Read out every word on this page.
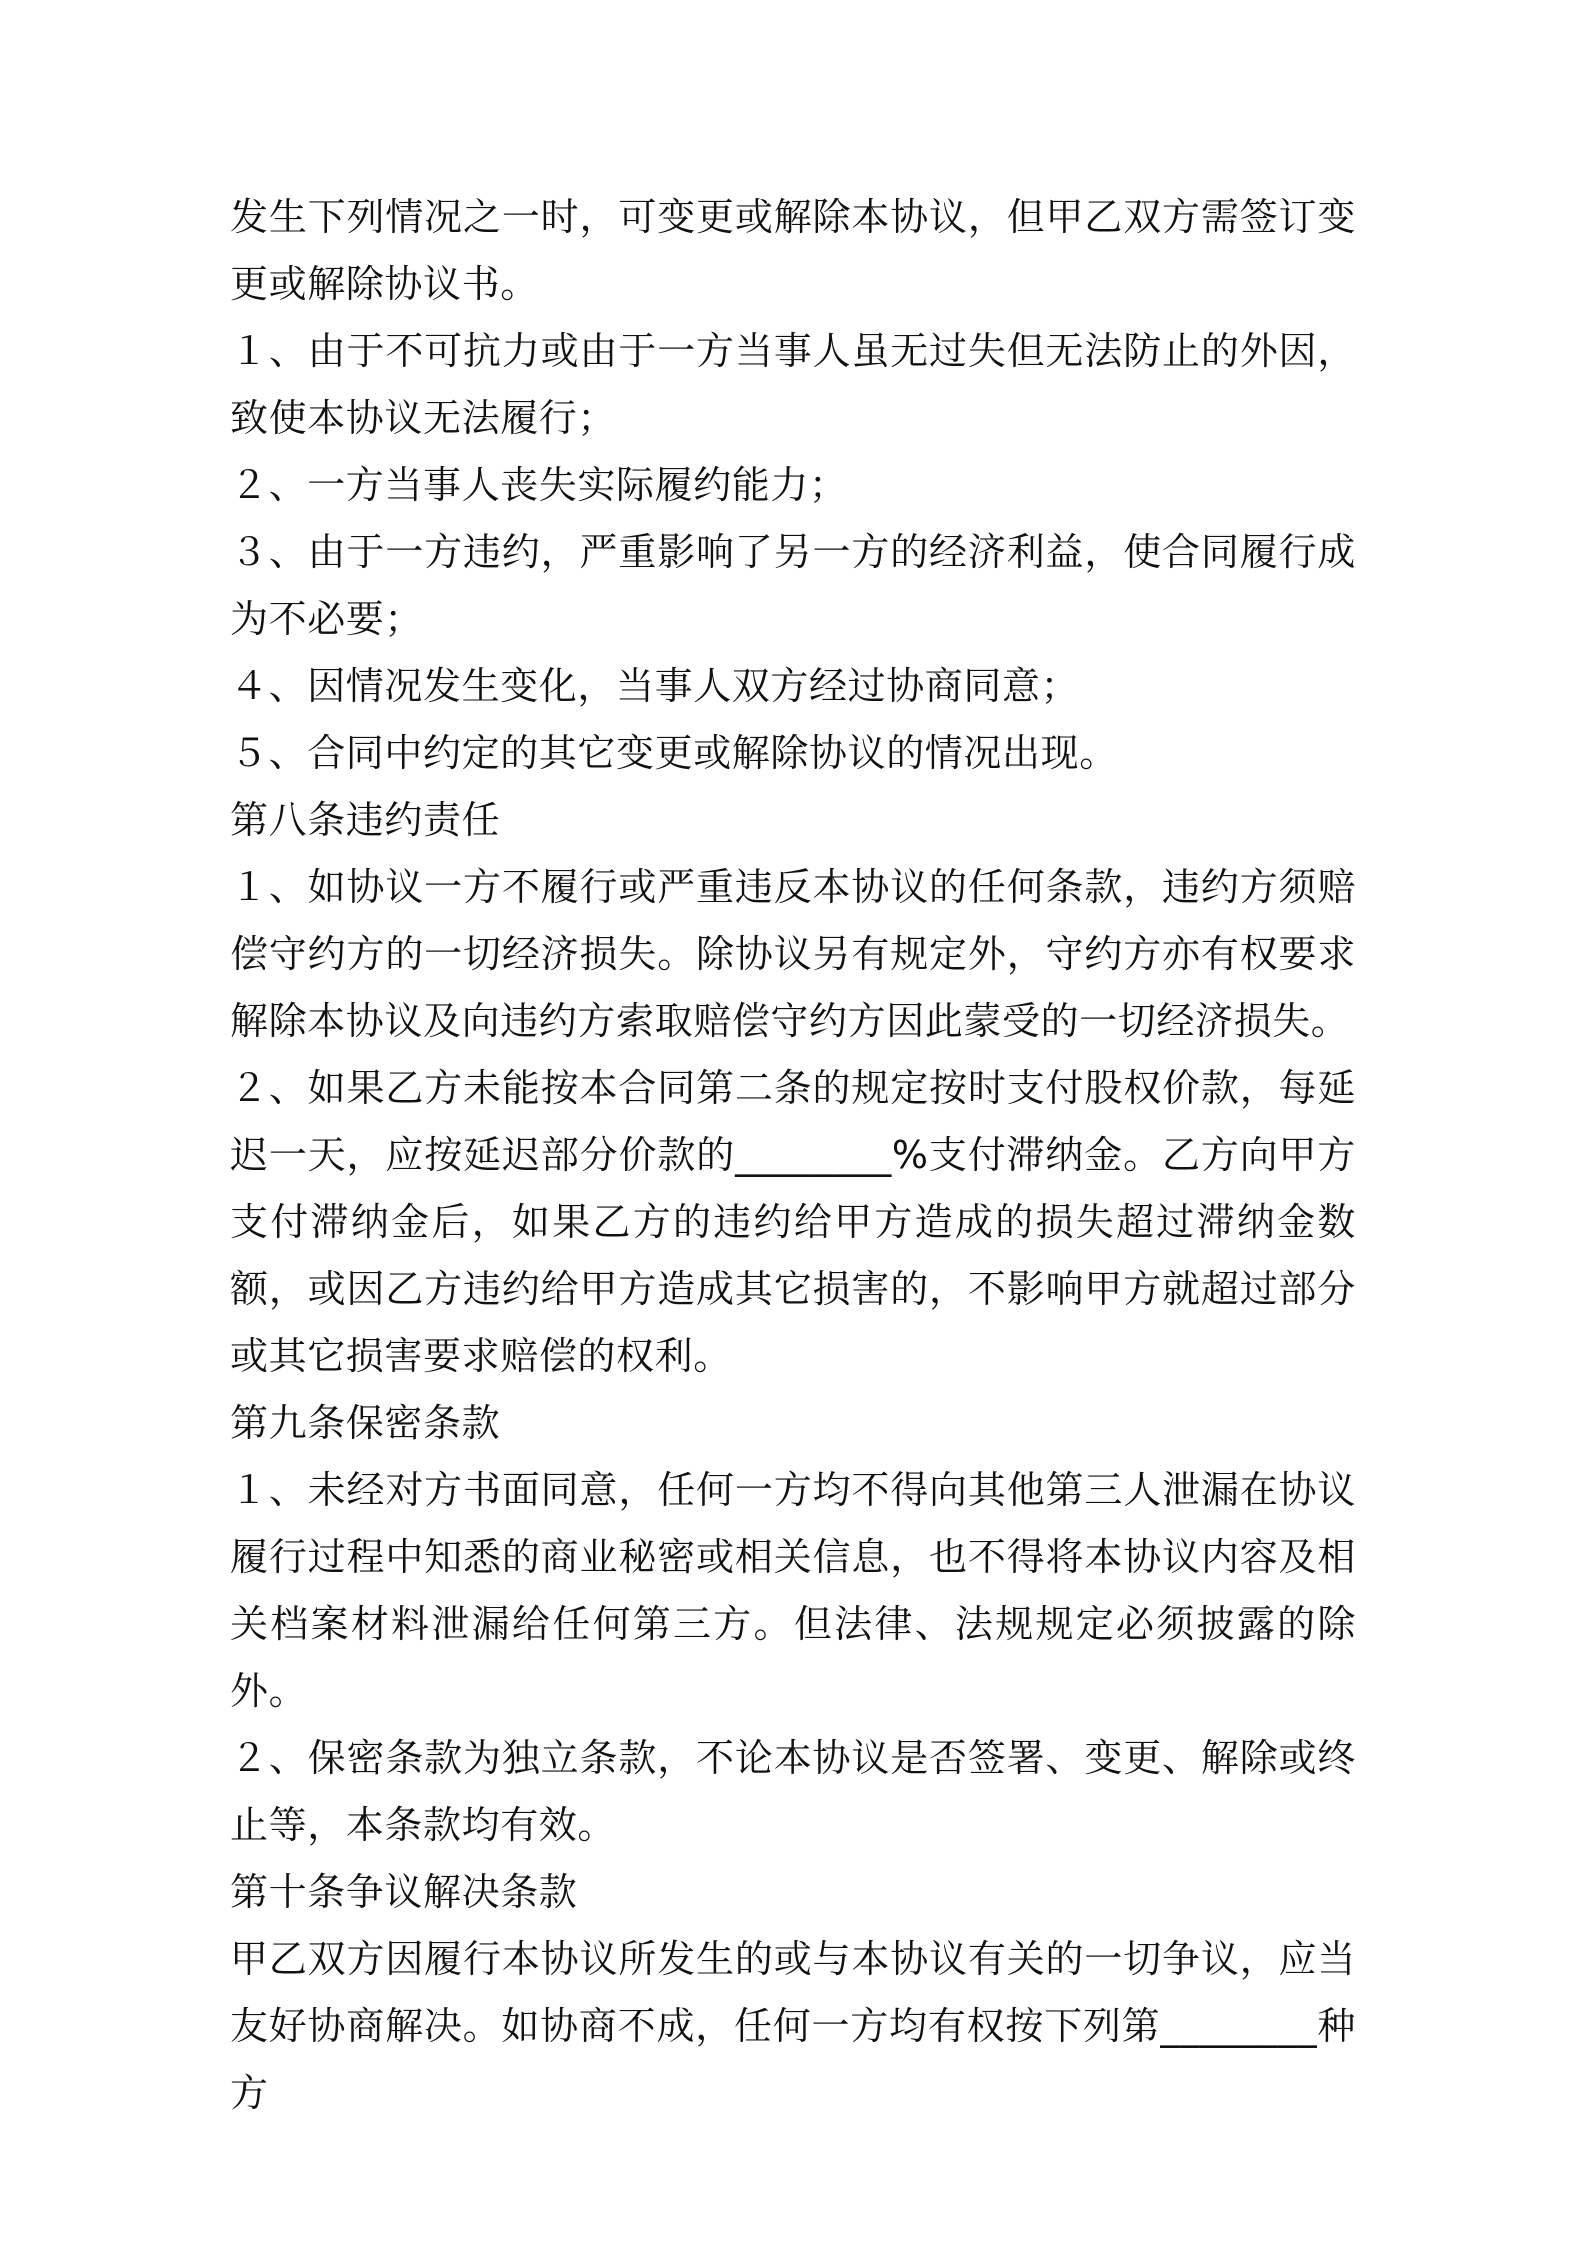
发生下列情况之一时，可变更或解除本协议，但甲乙双方需签订变更或解除协议书。

１、由于不可抗力或由于一方当事人虽无过失但无法防止的外因，致使本协议无法履行；

２、一方当事人丧失实际履约能力；

３、由于一方违约，严重影响了另一方的经济利益，使合同履行成为不必要；

４、因情况发生变化，当事人双方经过协商同意；

５、合同中约定的其它变更或解除协议的情况出现。

第八条违约责任

１、如协议一方不履行或严重违反本协议的任何条款，违约方须赔偿守约方的一切经济损失。除协议另有规定外，守约方亦有权要求解除本协议及向违约方索取赔偿守约方因此蒙受的一切经济损失。

２、如果乙方未能按本合同第二条的规定按时支付股权价款，每延迟一天，应按延迟部分价款的________%支付滞纳金。乙方向甲方支付滞纳金后，如果乙方的违约给甲方造成的损失超过滞纳金数额，或因乙方违约给甲方造成其它损害的，不影响甲方就超过部分或其它损害要求赔偿的权利。

第九条保密条款

１、未经对方书面同意，任何一方均不得向其他第三人泄漏在协议履行过程中知悉的商业秘密或相关信息，也不得将本协议内容及相关档案材料泄漏给任何第三方。但法律、法规规定必须披露的除外。

２、保密条款为独立条款，不论本协议是否签署、变更、解除或终止等，本条款均有效。

第十条争议解决条款

甲乙双方因履行本协议所发生的或与本协议有关的一切争议，应当友好协商解决。如协商不成，任何一方均有权按下列第________种方
